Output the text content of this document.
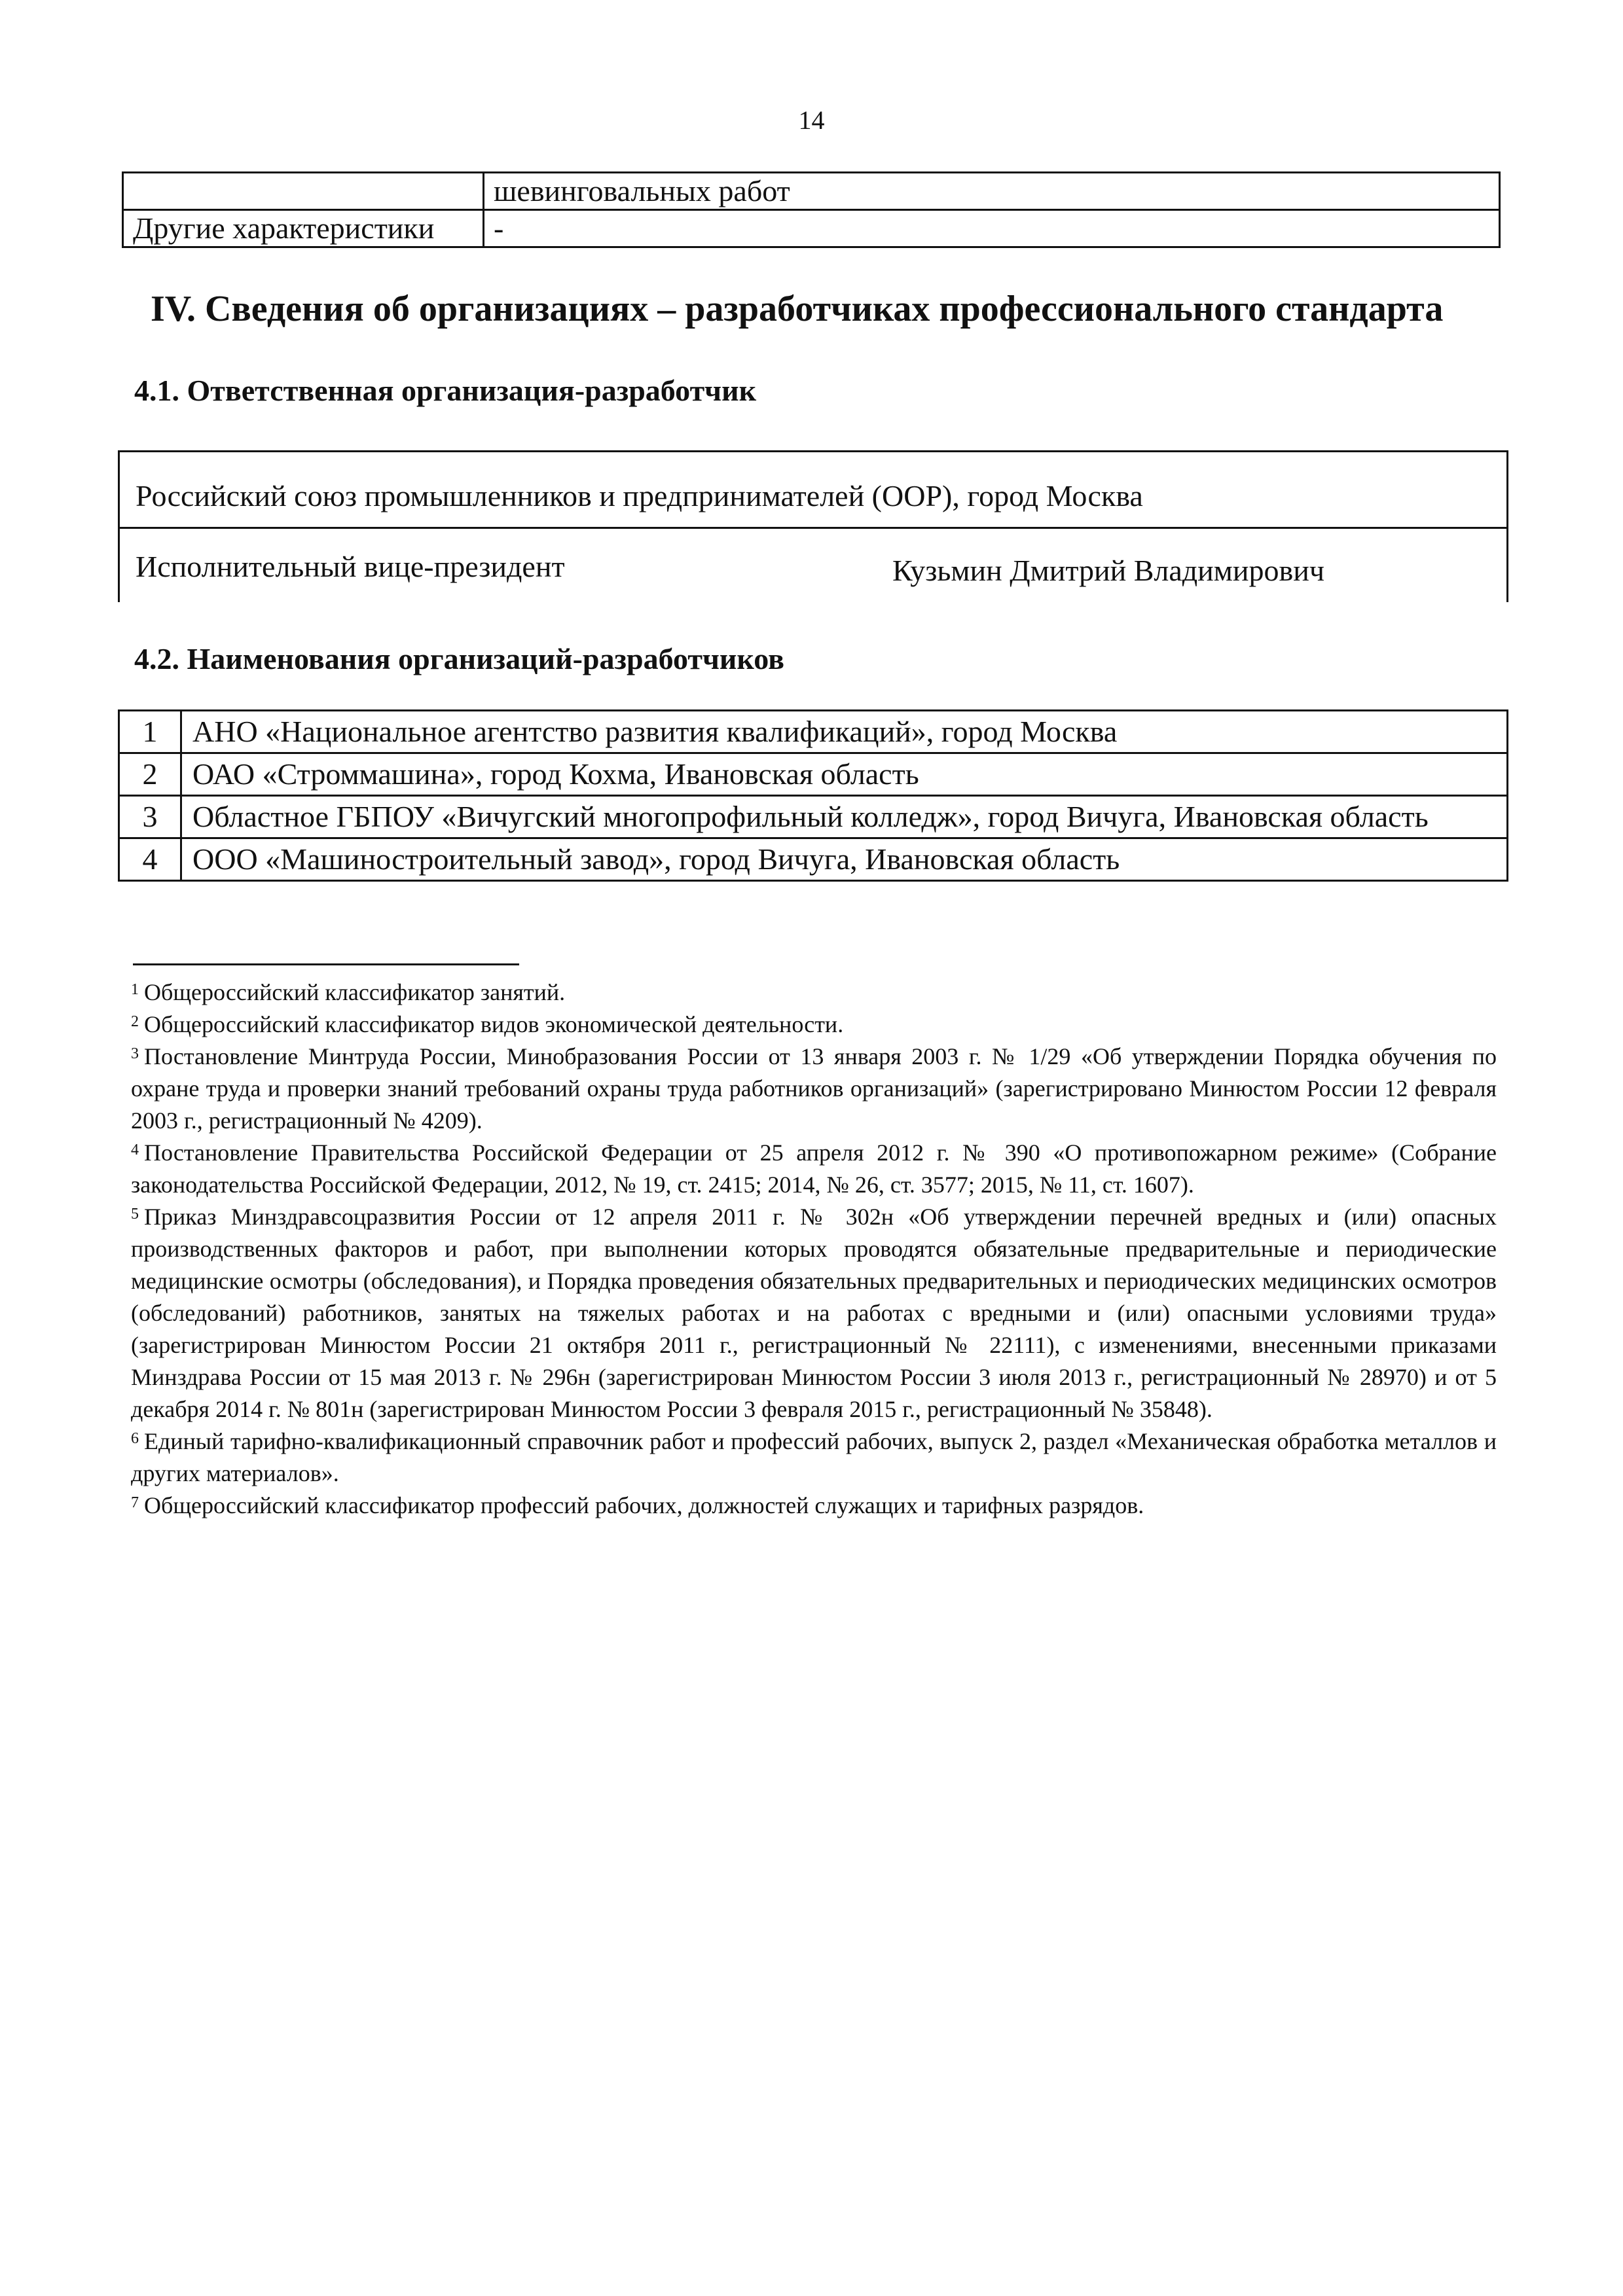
14
	шевинговальных работ
Другие характеристики	-
IV. Сведения об организациях – разработчиках профессионального стандарта
4.1. Ответственная организация-разработчик
Российский союз промышленников и предпринимателей (ООР), город Москва
Исполнительный вице-президент	Кузьмин Дмитрий Владимирович
4.2. Наименования организаций-разработчиков
1	АНО «Национальное агентство развития квалификаций», город Москва
2	ОАО «Строммашина», город Кохма, Ивановская область
3	Областное ГБПОУ «Вичугский многопрофильный колледж», город Вичуга, Ивановская область
4	ООО «Машиностроительный завод», город Вичуга, Ивановская область

$^1$ Общероссийский классификатор занятий.

$^2$ Общероссийский классификатор видов экономической деятельности.

$^3$ Постановление Минтруда России, Минобразования России от 13 января 2003 г. № 1/29 «Об утверждении Порядка обучения по охране труда и проверки знаний требований охраны труда работников организаций» (зарегистрировано Минюстом России 12 февраля 2003 г., регистрационный № 4209).

$^4$ Постановление Правительства Российской Федерации от 25 апреля 2012 г. № 390 «О противопожарном режиме» (Собрание законодательства Российской Федерации, 2012, № 19, ст. 2415; 2014, № 26, ст. 3577; 2015, № 11, ст. 1607).

$^5$ Приказ Минздравсоцразвития России от 12 апреля 2011 г. № 302н «Об утверждении перечней вредных и (или) опасных производственных факторов и работ, при выполнении которых проводятся обязательные предварительные и периодические медицинские осмотры (обследования), и Порядка проведения обязательных предварительных и периодических медицинских осмотров (обследований) работников, занятых на тяжелых работах и на работах с вредными и (или) опасными условиями труда» (зарегистрирован Минюстом России 21 октября 2011 г., регистрационный № 22111), с изменениями, внесенными приказами Минздрава России от 15 мая 2013 г. № 296н (зарегистрирован Минюстом России 3 июля 2013 г., регистрационный № 28970) и от 5 декабря 2014 г. № 801н (зарегистрирован Минюстом России 3 февраля 2015 г., регистрационный № 35848).

$^6$ Единый тарифно-квалификационный справочник работ и профессий рабочих, выпуск 2, раздел «Механическая обработка металлов и других материалов».

$^7$ Общероссийский классификатор профессий рабочих, должностей служащих и тарифных разрядов.
